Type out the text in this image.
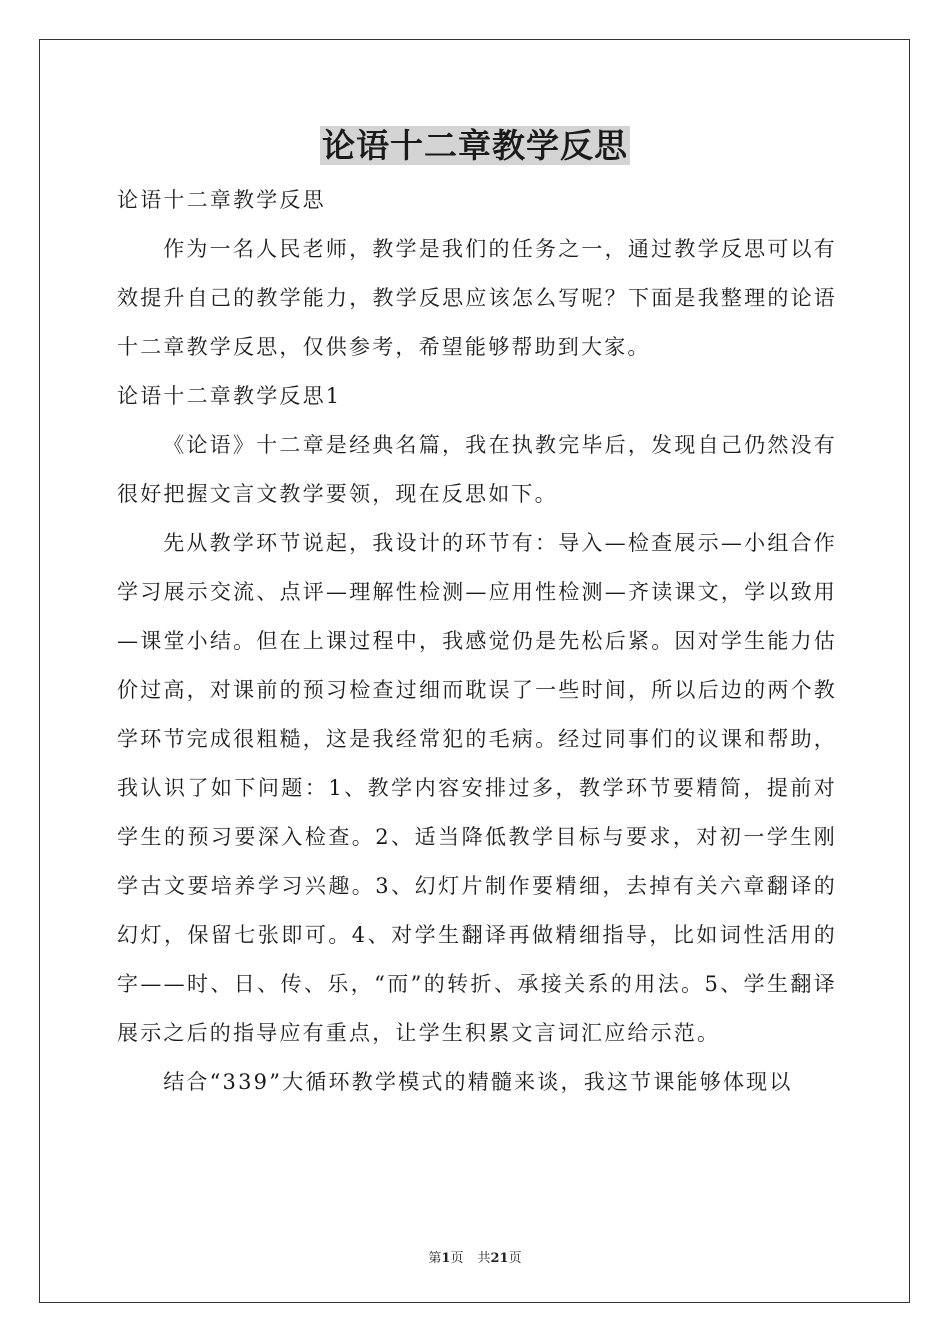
论语十二章教学反思

论语十二章教学反思

作为一名人民老师，教学是我们的任务之一，通过教学反思可以有效提升自己的教学能力，教学反思应该怎么写呢？下面是我整理的论语十二章教学反思，仅供参考，希望能够帮助到大家。

论语十二章教学反思1

《论语》十二章是经典名篇，我在执教完毕后，发现自己仍然没有很好把握文言文教学要领，现在反思如下。

先从教学环节说起，我设计的环节有：导入—检查展示—小组合作学习展示交流、点评—理解性检测—应用性检测—齐读课文，学以致用—课堂小结。但在上课过程中，我感觉仍是先松后紧。因对学生能力估价过高，对课前的预习检查过细而耽误了一些时间，所以后边的两个教学环节完成很粗糙，这是我经常犯的毛病。经过同事们的议课和帮助，我认识了如下问题：1、教学内容安排过多，教学环节要精简，提前对学生的预习要深入检查。2、适当降低教学目标与要求，对初一学生刚学古文要培养学习兴趣。3、幻灯片制作要精细，去掉有关六章翻译的幻灯，保留七张即可。4、对学生翻译再做精细指导，比如词性活用的字——时、日、传、乐，“而”的转折、承接关系的用法。5、学生翻译展示之后的指导应有重点，让学生积累文言词汇应给示范。

结合“339”大循环教学模式的精髓来谈，我这节课能够体现以

第1页 共21页
